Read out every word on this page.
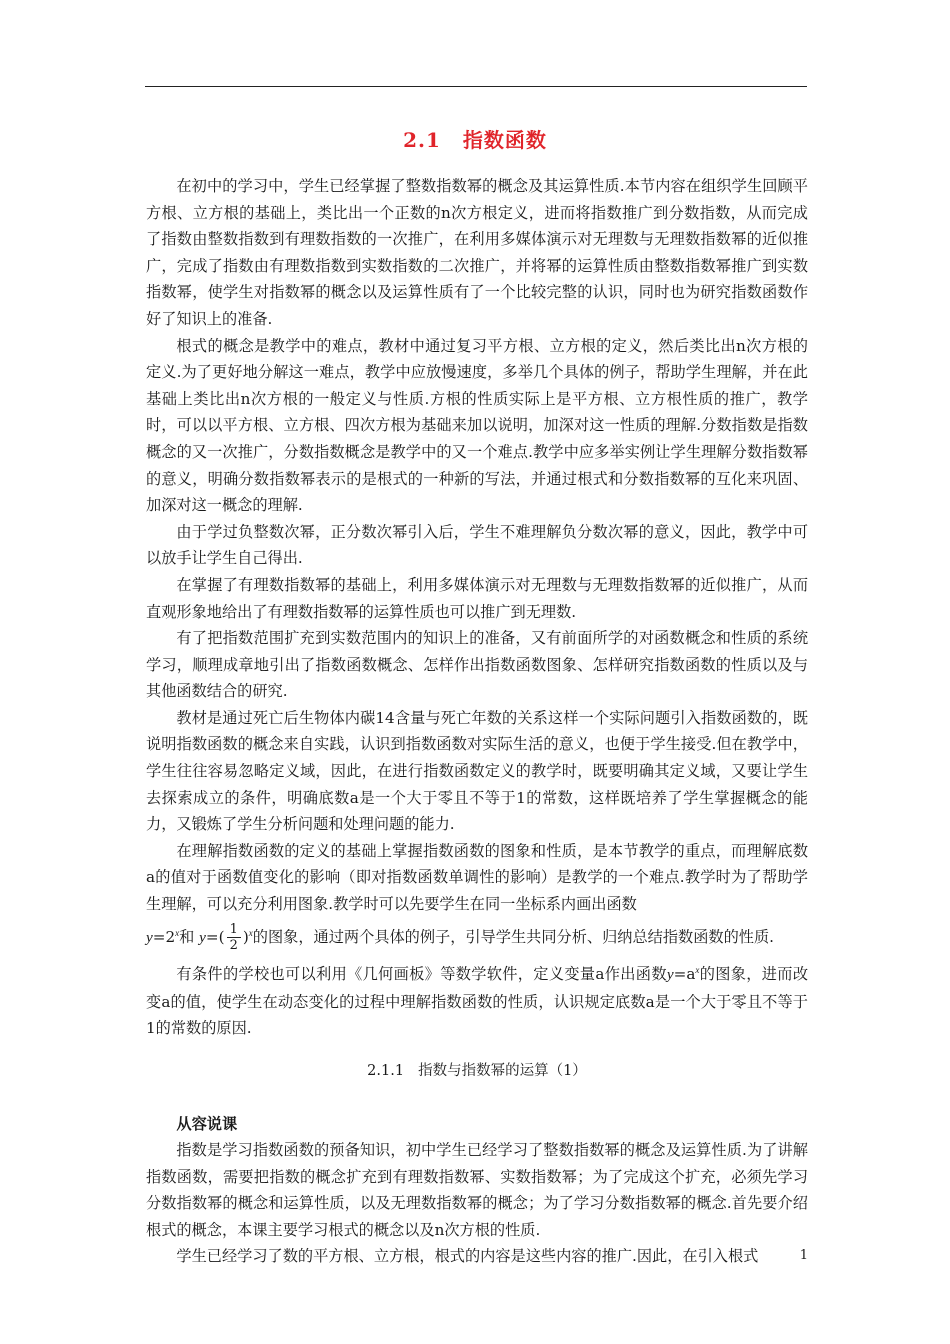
2.1 指数函数

在初中的学习中，学生已经掌握了整数指数幂的概念及其运算性质.本节内容在组织学生回顾平方根、立方根的基础上，类比出一个正数的n次方根定义，进而将指数推广到分数指数，从而完成了指数由整数指数到有理数指数的一次推广，在利用多媒体演示对无理数与无理数指数幂的近似推广，完成了指数由有理数指数到实数指数的二次推广，并将幂的运算性质由整数指数幂推广到实数指数幂，使学生对指数幂的概念以及运算性质有了一个比较完整的认识，同时也为研究指数函数作好了知识上的准备.

根式的概念是教学中的难点，教材中通过复习平方根、立方根的定义，然后类比出n次方根的定义.为了更好地分解这一难点，教学中应放慢速度，多举几个具体的例子，帮助学生理解，并在此基础上类比出n次方根的一般定义与性质.方根的性质实际上是平方根、立方根性质的推广，教学时，可以以平方根、立方根、四次方根为基础来加以说明，加深对这一性质的理解.分数指数是指数概念的又一次推广，分数指数概念是教学中的又一个难点.教学中应多举实例让学生理解分数指数幂的意义，明确分数指数幂表示的是根式的一种新的写法，并通过根式和分数指数幂的互化来巩固、加深对这一概念的理解.

由于学过负整数次幂，正分数次幂引入后，学生不难理解负分数次幂的意义，因此，教学中可以放手让学生自己得出.

在掌握了有理数指数幂的基础上，利用多媒体演示对无理数与无理数指数幂的近似推广，从而直观形象地给出了有理数指数幂的运算性质也可以推广到无理数.

有了把指数范围扩充到实数范围内的知识上的准备，又有前面所学的对函数概念和性质的系统学习，顺理成章地引出了指数函数概念、怎样作出指数函数图象、怎样研究指数函数的性质以及与其他函数结合的研究.

教材是通过死亡后生物体内碳14含量与死亡年数的关系这样一个实际问题引入指数函数的，既说明指数函数的概念来自实践，认识到指数函数对实际生活的意义，也便于学生接受.但在教学中，学生往往容易忽略定义域，因此，在进行指数函数定义的教学时，既要明确其定义域，又要让学生去探索成立的条件，明确底数a是一个大于零且不等于1的常数，这样既培养了学生掌握概念的能力，又锻炼了学生分析问题和处理问题的能力.

在理解指数函数的定义的基础上掌握指数函数的图象和性质，是本节教学的重点，而理解底数a的值对于函数值变化的影响（即对指数函数单调性的影响）是教学的一个难点.教学时为了帮助学生理解，可以充分利用图象.教学时可以先要学生在同一坐标系内画出函数

$y=2^x$和 $y=( \frac{1}{2} )^x$的图象，通过两个具体的例子，引导学生共同分析、归纳总结指数函数的性质.

有条件的学校也可以利用《几何画板》等数学软件，定义变量a作出函数$y=a^x$的图象，进而改变a的值，使学生在动态变化的过程中理解指数函数的性质，认识规定底数a是一个大于零且不等于1的常数的原因.

2.1.1 指数与指数幂的运算（1）

从容说课

指数是学习指数函数的预备知识，初中学生已经学习了整数指数幂的概念及运算性质.为了讲解指数函数，需要把指数的概念扩充到有理数指数幂、实数指数幂；为了完成这个扩充，必须先学习分数指数幂的概念和运算性质，以及无理数指数幂的概念；为了学习分数指数幂的概念.首先要介绍根式的概念，本课主要学习根式的概念以及n次方根的性质.

学生已经学习了数的平方根、立方根，根式的内容是这些内容的推广.因此，在引入根式	1
